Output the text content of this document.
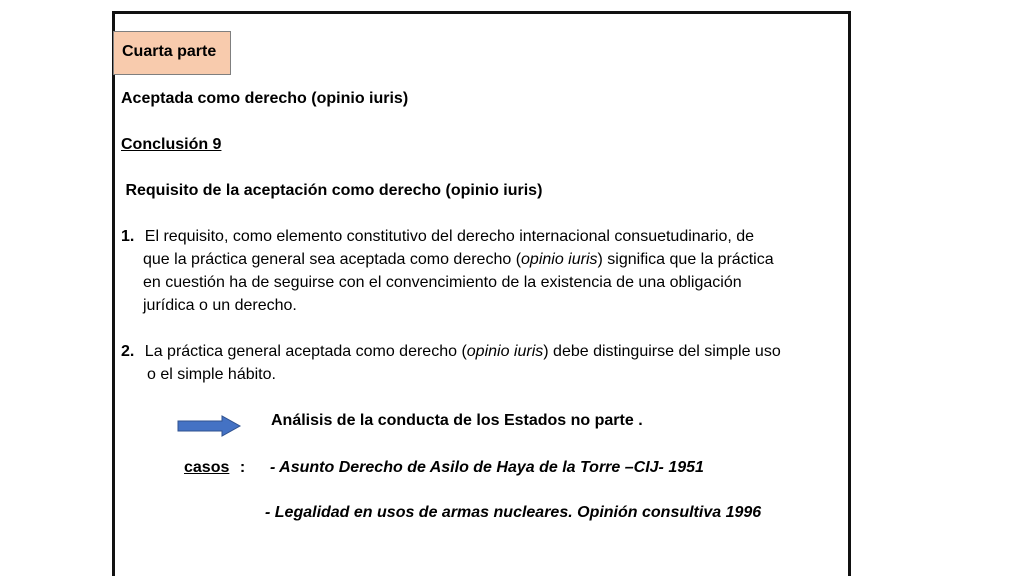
Cuarta parte
Aceptada como derecho (opinio iuris)
Conclusión 9
Requisito de la aceptación como derecho (opinio iuris)
1. El requisito, como elemento constitutivo del derecho internacional consuetudinario, de
que la práctica general sea aceptada como derecho (opinio iuris) significa que la práctica
en cuestión ha de seguirse con el convencimiento de la existencia de una obligación
jurídica o un derecho.
2. La práctica general aceptada como derecho (opinio iuris) debe distinguirse del simple uso
o el simple hábito.
Análisis de la conducta de los Estados no parte .
casos : - Asunto Derecho de Asilo de Haya de la Torre –CIJ- 1951
- Legalidad en usos de armas nucleares. Opinión consultiva 1996
